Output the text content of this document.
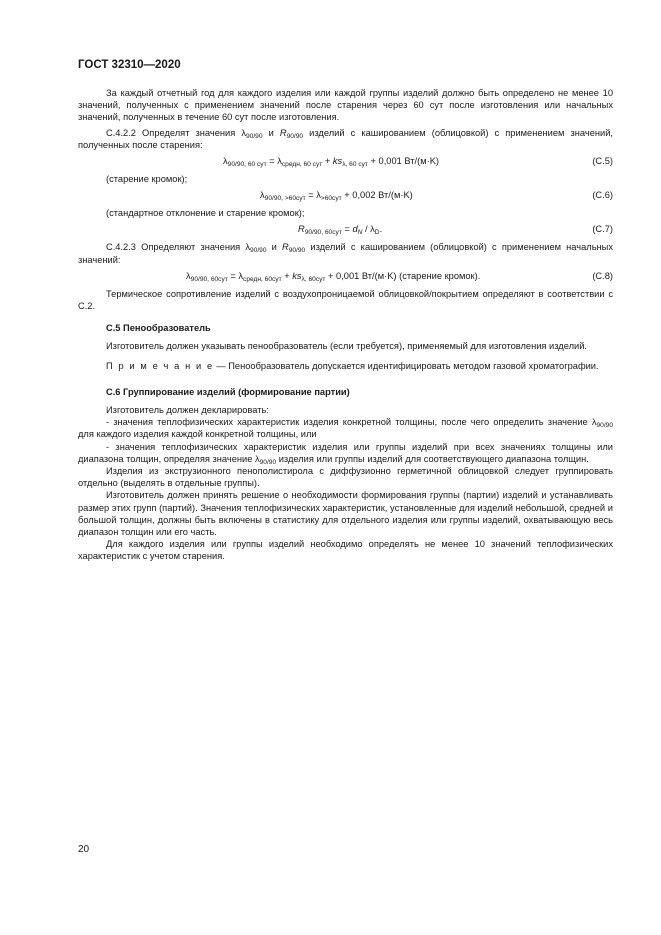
ГОСТ 32310—2020

За каждый отчетный год для каждого изделия или каждой группы изделий должно быть определено не менее 10 значений, полученных с применением значений после старения через 60 сут после изготовления или начальных значений, полученных в течение 60 сут после изготовления.

С.4.2.2 Определят значения $\lambda_{90/90}$ и $R_{90/90}$ изделий с кашированием (облицовкой) с применением значений, полученных после старения:

$\lambda_{90/90, 60 сут} = \lambda_{средн, 60 сут} + ks_{\lambda, 60 сут} + 0,001$ Вт/(м·K)	(С.5)

(старение кромок);

$\lambda_{90/90, >60сут} = \lambda_{>60сут} + 0,002$ Вт/(м·K)	(С.6)

(стандартное отклонение и старение кромок);

$R_{90/90, 60сут} = d_N / \lambda_D$.	(С.7)

С.4.2.3 Определяют значения $\lambda_{90/90}$ и $R_{90/90}$ изделий с кашированием (облицовкой) с применением начальных значений:

$\lambda_{90/90, 60сут} = \lambda_{средн, 60сут} + ks_{\lambda, 60сут} + 0,001$ Вт/(м·K) (старение кромок).	(С.8)

Термическое сопротивление изделий с воздухопроницаемой облицовкой/покрытием определяют в соответствии с С.2.

С.5 Пенообразователь

Изготовитель должен указывать пенообразователь (если требуется), применяемый для изготовления изделий.

П р и м е ч а н и е — Пенообразователь допускается идентифицировать методом газовой хроматографии.

С.6 Группирование изделий (формирование партии)

Изготовитель должен декларировать:

- значения теплофизических характеристик изделия конкретной толщины, после чего определить значение $\lambda_{90/90}$ для каждого изделия каждой конкретной толщины, или

- значения теплофизических характеристик изделия или группы изделий при всех значениях толщины или диапазона толщин, определяя значение $\lambda_{90/90}$ изделия или группы изделий для соответствующего диапазона толщин.

Изделия из экструзионного пенополистирола с диффузионно герметичной облицовкой следует группировать отдельно (выделять в отдельные группы).

Изготовитель должен принять решение о необходимости формирования группы (партии) изделий и устанавливать размер этих групп (партий). Значения теплофизических характеристик, установленные для изделий небольшой, средней и большой толщин, должны быть включены в статистику для отдельного изделия или группы изделий, охватывающую весь диапазон толщин или его часть.

Для каждого изделия или группы изделий необходимо определять не менее 10 значений теплофизических характеристик с учетом старения.

20
